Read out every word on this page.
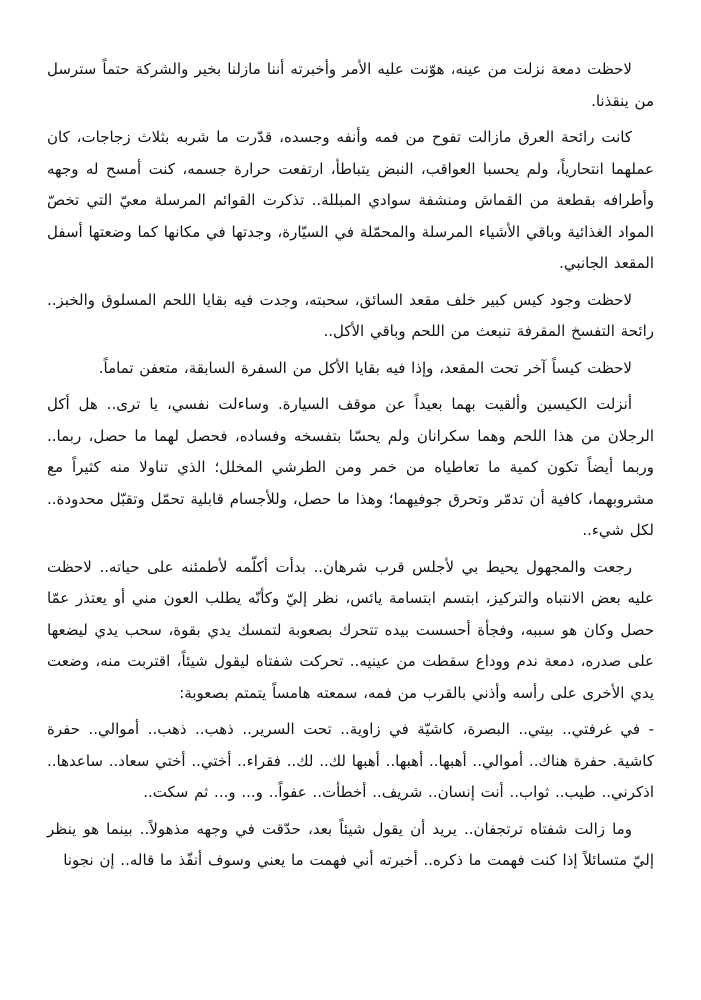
لاحظت دمعة نزلت من عينه، هوّنت عليه الأمر وأخبرته أننا مازلنا بخير والشركة حتماً سترسل من ينقذنا.

كانت رائحة العرق مازالت تفوح من فمه وأنفه وجسده، قدّرت ما شربه بثلاث زجاجات، كان عملهما انتحارياً، ولم يحسبا العواقب، النبض يتباطأ، ارتفعت حرارة جسمه، كنت أمسح له وجهه وأطرافه بقطعة من القماش ومنشفة سوادي المبللة.. تذكرت القوائم المرسلة معيّ التي تخصّ المواد الغذائية وباقي الأشياء المرسلة والمحمّلة في السيّارة، وجدتها في مكانها كما وضعتها أسفل المقعد الجانبي.

لاحظت وجود كيس كبير خلف مقعد السائق، سحبته، وجدت فيه بقايا اللحم المسلوق والخبز.. رائحة التفسخ المقرفة تنبعث من اللحم وباقي الأكل..

لاحظت كيساً آخر تحت المقعد، وإذا فيه بقايا الأكل من السفرة السابقة، متعفن تماماً.

أنزلت الكيسين وألقيت بهما بعيداً عن موقف السيارة. وساءلت نفسي، يا ترى.. هل أكل الرجلان من هذا اللحم وهما سكرانان ولم يحسّا بتفسخه وفساده، فحصل لهما ما حصل، ربما.. وربما أيضاً تكون كمية ما تعاطياه من خمر ومن الطرشي المخلل؛ الذي تناولا منه كثيراً مع مشروبهما، كافية أن تدمّر وتحرق جوفيهما؛ وهذا ما حصل، وللأجسام قابلية تحمّل وتقبّل محدودة.. لكل شيء..

رجعت والمجهول يحيط بي لأجلس قرب شرهان.. بدأت أكلّمه لأطمئنه على حياته.. لاحظت عليه بعض الانتباه والتركيز، ابتسم ابتسامة يائس، نظر إليّ وكأنّه يطلب العون مني أو يعتذر عمّا حصل وكان هو سببه، وفجأة أحسست بيده تتحرك بصعوبة لتمسك يدي بقوة، سحب يدي ليضعها على صدره، دمعة ندم ووداع سقطت من عينيه.. تحركت شفتاه ليقول شيئاً، اقتربت منه، وضعت يدي الأخرى على رأسه وأذني بالقرب من فمه، سمعته هامساً يتمتم بصعوبة:

- في غرفتي.. بيتي.. البصرة، كاشيّة في زاوية.. تحت السرير.. ذهب.. ذهب.. أموالي.. حفرة كاشية. حفرة هناك.. أموالي.. أهبها.. أهبها.. أهبها لك.. لك.. فقراء.. أختي.. أختي سعاد.. ساعدها.. اذكرني.. طيب.. ثواب.. أنت إنسان.. شريف.. أخطأت.. عفواً.. و... و... ثم سكت..

وما زالت شفتاه ترتجفان.. يريد أن يقول شيئاً بعد، حدّقت في وجهه مذهولاً.. بينما هو ينظر إليّ متسائلاً إذا كنت فهمت ما ذكره.. أخبرته أني فهمت ما يعني وسوف أنفّذ ما قاله.. إن نجونا
